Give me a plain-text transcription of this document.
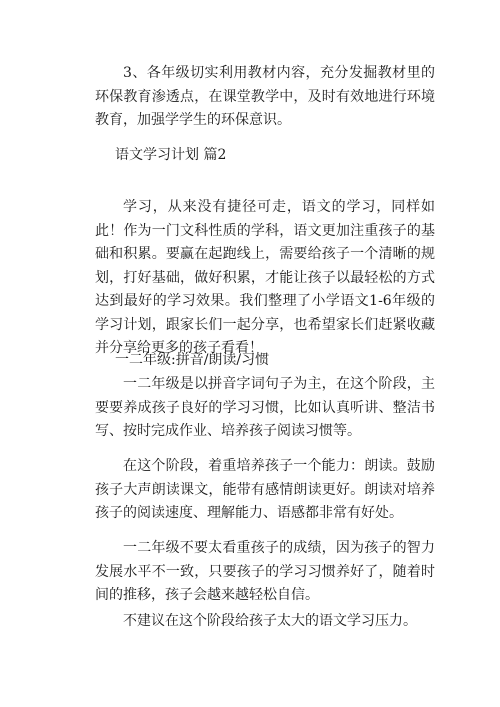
3、各年级切实利用教材内容，充分发掘教材里的环保教育渗透点，在课堂教学中，及时有效地进行环境教育，加强学学生的环保意识。

语文学习计划 篇2

学习，从来没有捷径可走，语文的学习，同样如此！作为一门文科性质的学科，语文更加注重孩子的基础和积累。要赢在起跑线上，需要给孩子一个清晰的规划，打好基础，做好积累，才能让孩子以最轻松的方式达到最好的学习效果。我们整理了小学语文1-6年级的学习计划，跟家长们一起分享，也希望家长们赶紧收藏并分享给更多的孩子看看！

一二年级:拼音/朗读/习惯

一二年级是以拼音字词句子为主，在这个阶段，主要要养成孩子良好的学习习惯，比如认真听讲、整洁书写、按时完成作业、培养孩子阅读习惯等。

在这个阶段，着重培养孩子一个能力：朗读。鼓励孩子大声朗读课文，能带有感情朗读更好。朗读对培养孩子的阅读速度、理解能力、语感都非常有好处。

一二年级不要太看重孩子的成绩，因为孩子的智力发展水平不一致，只要孩子的学习习惯养好了，随着时间的推移，孩子会越来越轻松自信。

不建议在这个阶段给孩子太大的语文学习压力。
